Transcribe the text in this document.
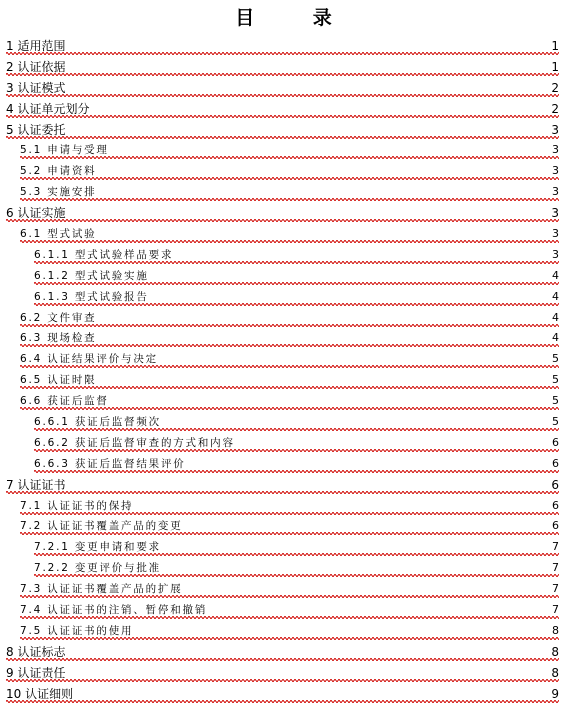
目 录
1 适用范围	1
2 认证依据	1
3 认证模式	2
4 认证单元划分	2
5 认证委托	3
5.1 申请与受理	3
5.2 申请资料	3
5.3 实施安排	3
6 认证实施	3
6.1 型式试验	3
6.1.1 型式试验样品要求	3
6.1.2 型式试验实施	4
6.1.3 型式试验报告	4
6.2 文件审查	4
6.3 现场检查	4
6.4 认证结果评价与决定	5
6.5 认证时限	5
6.6 获证后监督	5
6.6.1 获证后监督频次	5
6.6.2 获证后监督审查的方式和内容	6
6.6.3 获证后监督结果评价	6
7 认证证书	6
7.1 认证证书的保持	6
7.2 认证证书覆盖产品的变更	6
7.2.1 变更申请和要求	7
7.2.2 变更评价与批准	7
7.3 认证证书覆盖产品的扩展	7
7.4 认证证书的注销、暂停和撤销	7
7.5 认证证书的使用	8
8 认证标志	8
9 认证责任	8
10 认证细则	9
